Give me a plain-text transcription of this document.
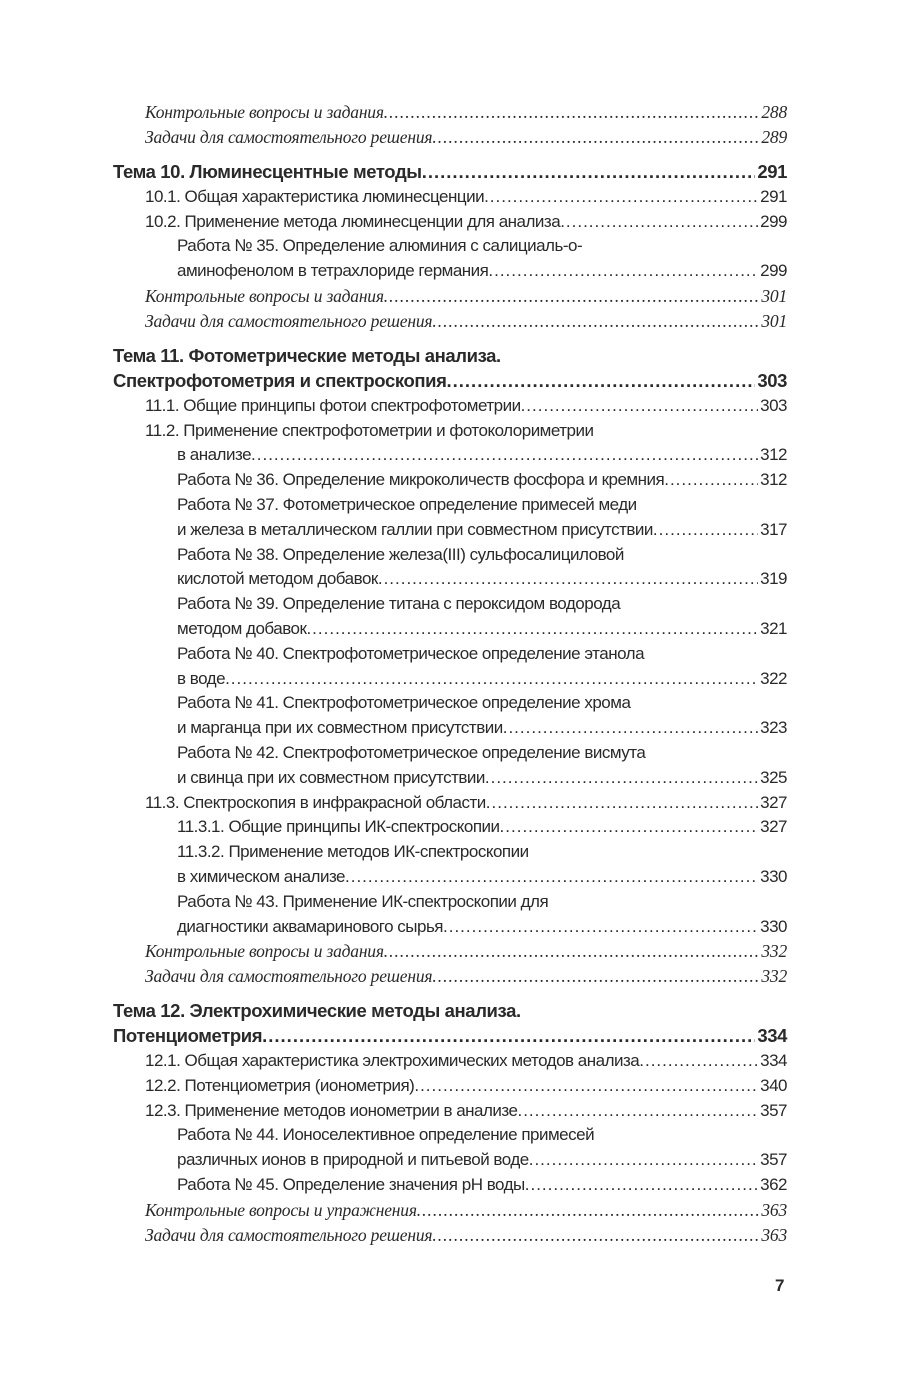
Контрольные вопросы и задания .....	288
Задачи для самостоятельного решения .....	289
Тема 10. Люминесцентные методы .....	291
10.1. Общая характеристика люминесценции .....	291
10.2. Применение метода люминесценции для анализа .....	299
Работа № 35. Определение алюминия с салициаль-о-
аминофенолом в тетрахлориде германия .....	299
Контрольные вопросы и задания .....	301
Задачи для самостоятельного решения .....	301
Тема 11. Фотометрические методы анализа.
Спектрофотометрия и спектроскопия .....	303
11.1. Общие принципы фотои спектрофотометрии .....	303
11.2. Применение спектрофотометрии и фотоколориметрии
в анализе .....	312
Работа № 36. Определение микроколичеств фосфора и кремния .....	312
Работа № 37. Фотометрическое определение примесей меди
и железа в металлическом галлии при совместном присутствии .....	317
Работа № 38. Определение железа(III) сульфосалициловой
кислотой методом добавок .....	319
Работа № 39. Определение титана с пероксидом водорода
методом добавок .....	321
Работа № 40. Спектрофотометрическое определение этанола
в воде .....	322
Работа № 41. Спектрофотометрическое определение хрома
и марганца при их совместном присутствии .....	323
Работа № 42. Спектрофотометрическое определение висмута
и свинца при их совместном присутствии .....	325
11.3. Спектроскопия в инфракрасной области .....	327
11.3.1. Общие принципы ИК-спектроскопии .....	327
11.3.2. Применение методов ИК-спектроскопии
в химическом анализе .....	330
Работа № 43. Применение ИК-спектроскопии для
диагностики аквамаринового сырья .....	330
Контрольные вопросы и задания .....	332
Задачи для самостоятельного решения .....	332
Тема 12. Электрохимические методы анализа.
Потенциометрия .....	334
12.1. Общая характеристика электрохимических методов анализа .....	334
12.2. Потенциометрия (ионометрия) .....	340
12.3. Применение методов ионометрии в анализе .....	357
Работа № 44. Ионоселективное определение примесей
различных ионов в природной и питьевой воде .....	357
Работа № 45. Определение значения pH воды .....	362
Контрольные вопросы и упражнения .....	363
Задачи для самостоятельного решения .....	363
7
